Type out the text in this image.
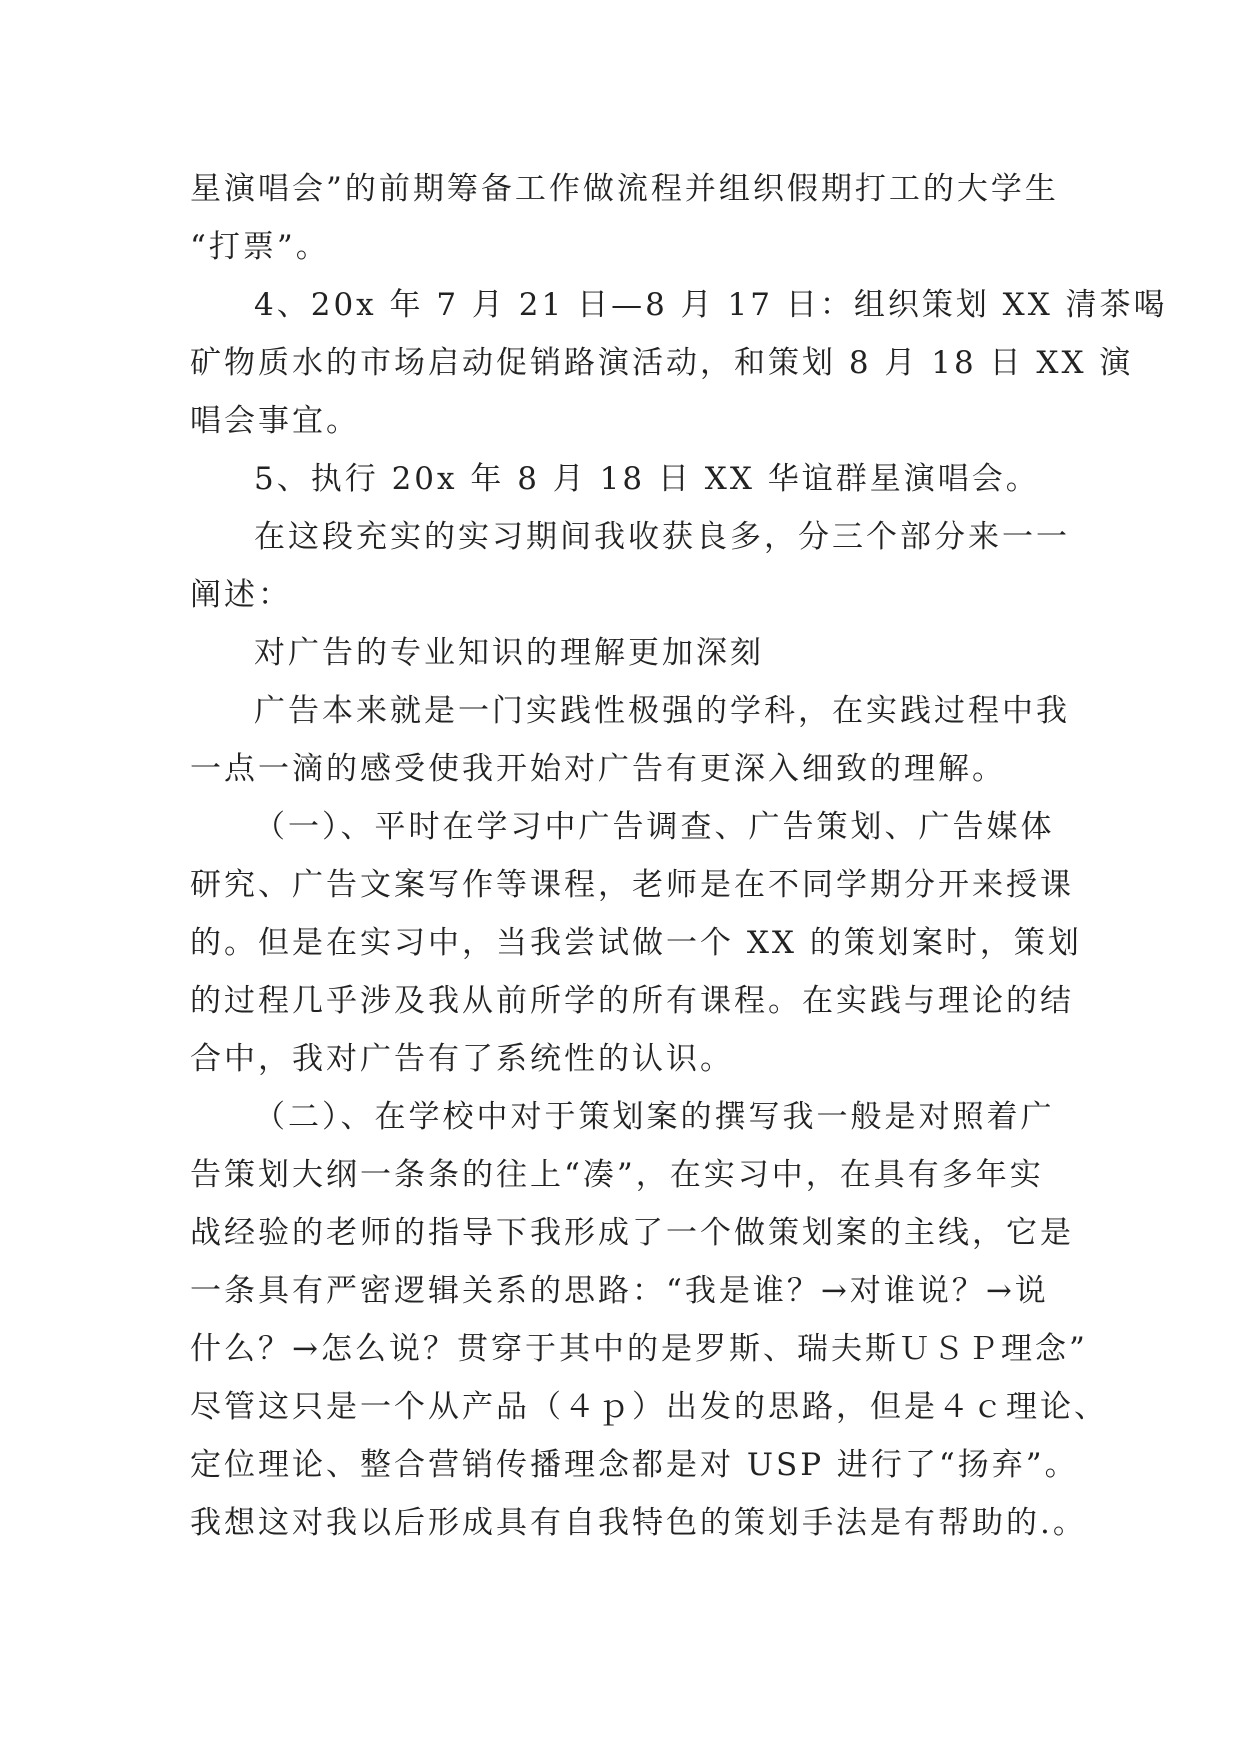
星演唱会”的前期筹备工作做流程并组织假期打工的大学生
“打票”。
4、20x 年 7 月 21 日—8 月 17 日：组织策划 XX 清茶喝
矿物质水的市场启动促销路演活动，和策划 8 月 18 日 XX 演
唱会事宜。
5、执行 20x 年 8 月 18 日 XX 华谊群星演唱会。
在这段充实的实习期间我收获良多，分三个部分来一一
阐述：
对广告的专业知识的理解更加深刻
广告本来就是一门实践性极强的学科，在实践过程中我
一点一滴的感受使我开始对广告有更深入细致的理解。
（一）、平时在学习中广告调查、广告策划、广告媒体
研究、广告文案写作等课程，老师是在不同学期分开来授课
的。但是在实习中，当我尝试做一个 XX 的策划案时，策划
的过程几乎涉及我从前所学的所有课程。在实践与理论的结
合中，我对广告有了系统性的认识。
（二）、在学校中对于策划案的撰写我一般是对照着广
告策划大纲一条条的往上“凑”，在实习中，在具有多年实
战经验的老师的指导下我形成了一个做策划案的主线，它是
一条具有严密逻辑关系的思路：“我是谁？→对谁说？→说
什么？→怎么说？贯穿于其中的是罗斯、瑞夫斯ＵＳＰ理念”
尽管这只是一个从产品（４ｐ）出发的思路，但是４ｃ理论、
定位理论、整合营销传播理念都是对 USP 进行了“扬弃”。
我想这对我以后形成具有自我特色的策划手法是有帮助的.。
